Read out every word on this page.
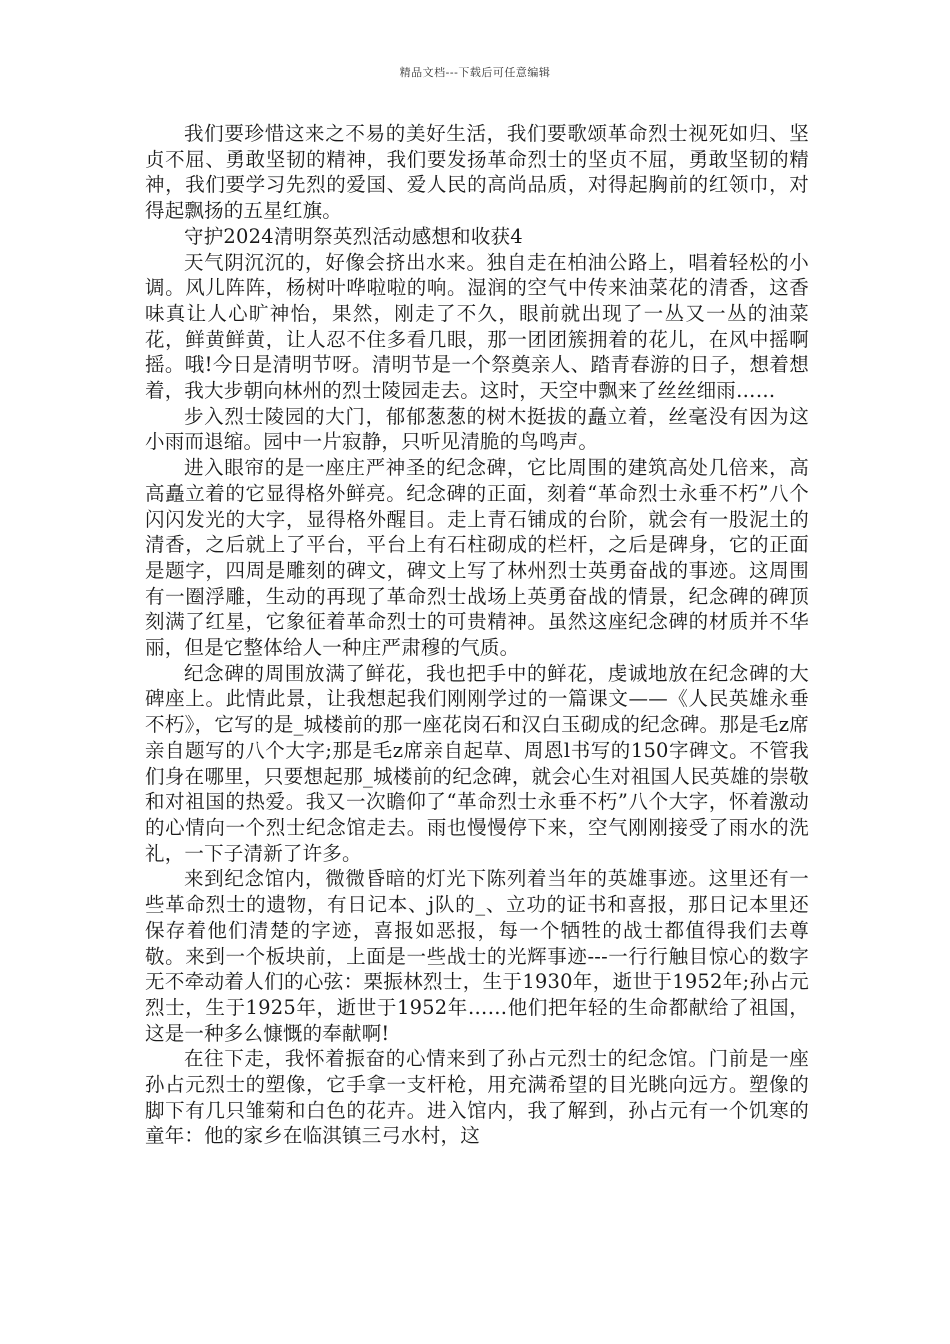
精品文档---下载后可任意编辑

我们要珍惜这来之不易的美好生活，我们要歌颂革命烈士视死如归、坚贞不屈、勇敢坚韧的精神，我们要发扬革命烈士的坚贞不屈，勇敢坚韧的精神，我们要学习先烈的爱国、爱人民的高尚品质，对得起胸前的红领巾，对得起飘扬的五星红旗。

守护2024清明祭英烈活动感想和收获4

天气阴沉沉的，好像会挤出水来。独自走在柏油公路上，唱着轻松的小调。风儿阵阵，杨树叶哗啦啦的响。湿润的空气中传来油菜花的清香，这香味真让人心旷神怡，果然，刚走了不久，眼前就出现了一丛又一丛的油菜花，鲜黄鲜黄，让人忍不住多看几眼，那一团团簇拥着的花儿，在风中摇啊摇。哦!今日是清明节呀。清明节是一个祭奠亲人、踏青春游的日子，想着想着，我大步朝向林州的烈士陵园走去。这时，天空中飘来了丝丝细雨……

步入烈士陵园的大门，郁郁葱葱的树木挺拔的矗立着，丝毫没有因为这小雨而退缩。园中一片寂静，只听见清脆的鸟鸣声。

进入眼帘的是一座庄严神圣的纪念碑，它比周围的建筑高处几倍来，高高矗立着的它显得格外鲜亮。纪念碑的正面，刻着“革命烈士永垂不朽”八个闪闪发光的大字，显得格外醒目。走上青石铺成的台阶，就会有一股泥土的清香，之后就上了平台，平台上有石柱砌成的栏杆，之后是碑身，它的正面是题字，四周是雕刻的碑文，碑文上写了林州烈士英勇奋战的事迹。这周围有一圈浮雕，生动的再现了革命烈士战场上英勇奋战的情景，纪念碑的碑顶刻满了红星，它象征着革命烈士的可贵精神。虽然这座纪念碑的材质并不华丽，但是它整体给人一种庄严肃穆的气质。

纪念碑的周围放满了鲜花，我也把手中的鲜花，虔诚地放在纪念碑的大碑座上。此情此景，让我想起我们刚刚学过的一篇课文——《人民英雄永垂不朽》，它写的是_城楼前的那一座花岗石和汉白玉砌成的纪念碑。那是毛z席亲自题写的八个大字;那是毛z席亲自起草、周恩l书写的150字碑文。不管我们身在哪里，只要想起那_城楼前的纪念碑，就会心生对祖国人民英雄的崇敬和对祖国的热爱。我又一次瞻仰了“革命烈士永垂不朽”八个大字，怀着激动的心情向一个烈士纪念馆走去。雨也慢慢停下来，空气刚刚接受了雨水的洗礼，一下子清新了许多。

来到纪念馆内，微微昏暗的灯光下陈列着当年的英雄事迹。这里还有一些革命烈士的遗物，有日记本、j队的_、立功的证书和喜报，那日记本里还保存着他们清楚的字迹，喜报如恶报，每一个牺牲的战士都值得我们去尊敬。来到一个板块前，上面是一些战士的光辉事迹---一行行触目惊心的数字无不牵动着人们的心弦：栗振林烈士，生于1930年，逝世于1952年;孙占元烈士，生于1925年，逝世于1952年……他们把年轻的生命都献给了祖国，这是一种多么慷慨的奉献啊!

在往下走，我怀着振奋的心情来到了孙占元烈士的纪念馆。门前是一座孙占元烈士的塑像，它手拿一支杆枪，用充满希望的目光眺向远方。塑像的脚下有几只雏菊和白色的花卉。进入馆内，我了解到，孙占元有一个饥寒的童年：他的家乡在临淇镇三弓水村，这
